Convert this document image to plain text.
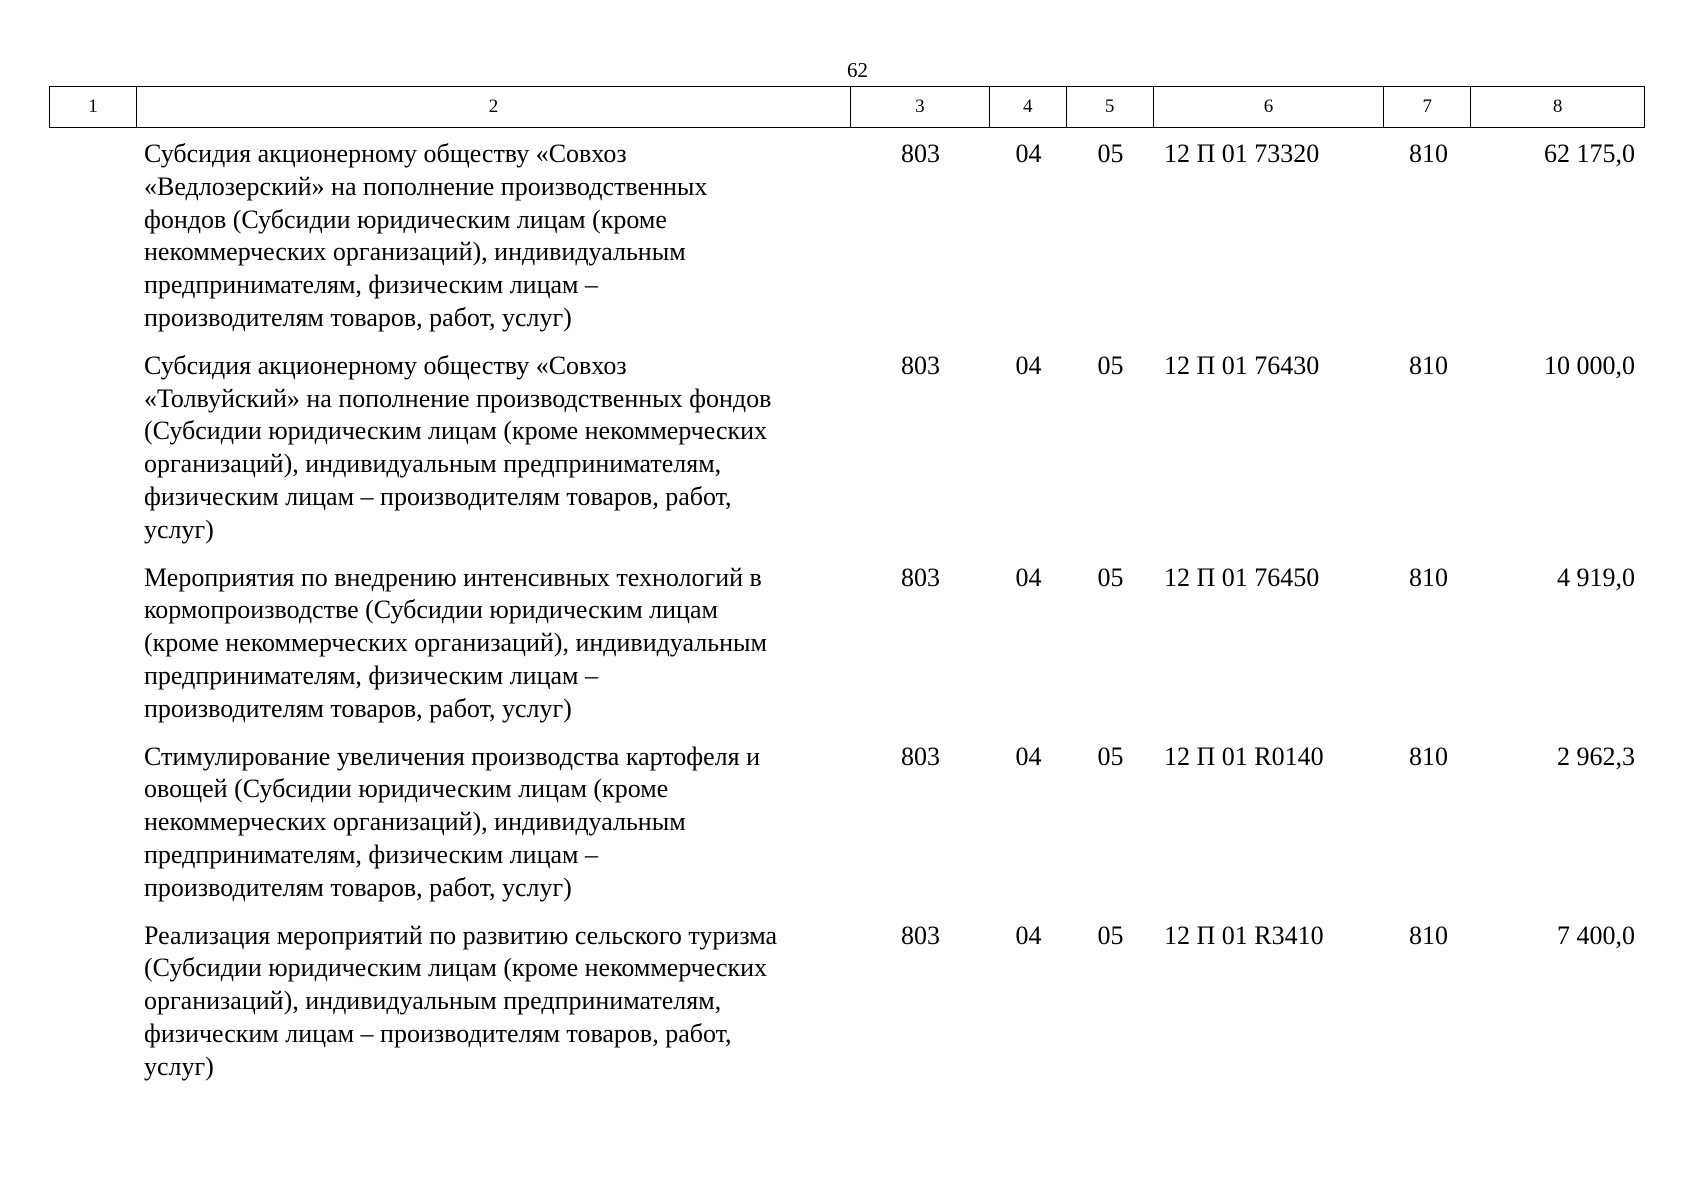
62
1	2	3	4	5	6	7	8
Субсидия акционерному обществу «Совхоз
«Ведлозерский» на пополнение производственных
фондов (Субсидии юридическим лицам (кроме
некоммерческих организаций), индивидуальным
предпринимателям, физическим лицам –
производителям товаров, работ, услуг)
803	04	05	12 П 01 73320	810	62 175,0
Субсидия акционерному обществу «Совхоз
«Толвуйский» на пополнение производственных фондов
(Субсидии юридическим лицам (кроме некоммерческих
организаций), индивидуальным предпринимателям,
физическим лицам – производителям товаров, работ,
услуг)
803	04	05	12 П 01 76430	810	10 000,0
Мероприятия по внедрению интенсивных технологий в
кормопроизводстве (Субсидии юридическим лицам
(кроме некоммерческих организаций), индивидуальным
предпринимателям, физическим лицам –
производителям товаров, работ, услуг)
803	04	05	12 П 01 76450	810	4 919,0
Стимулирование увеличения производства картофеля и
овощей (Субсидии юридическим лицам (кроме
некоммерческих организаций), индивидуальным
предпринимателям, физическим лицам –
производителям товаров, работ, услуг)
803	04	05	12 П 01 R0140	810	2 962,3
Реализация мероприятий по развитию сельского туризма
(Субсидии юридическим лицам (кроме некоммерческих
организаций), индивидуальным предпринимателям,
физическим лицам – производителям товаров, работ,
услуг)
803	04	05	12 П 01 R3410	810	7 400,0
